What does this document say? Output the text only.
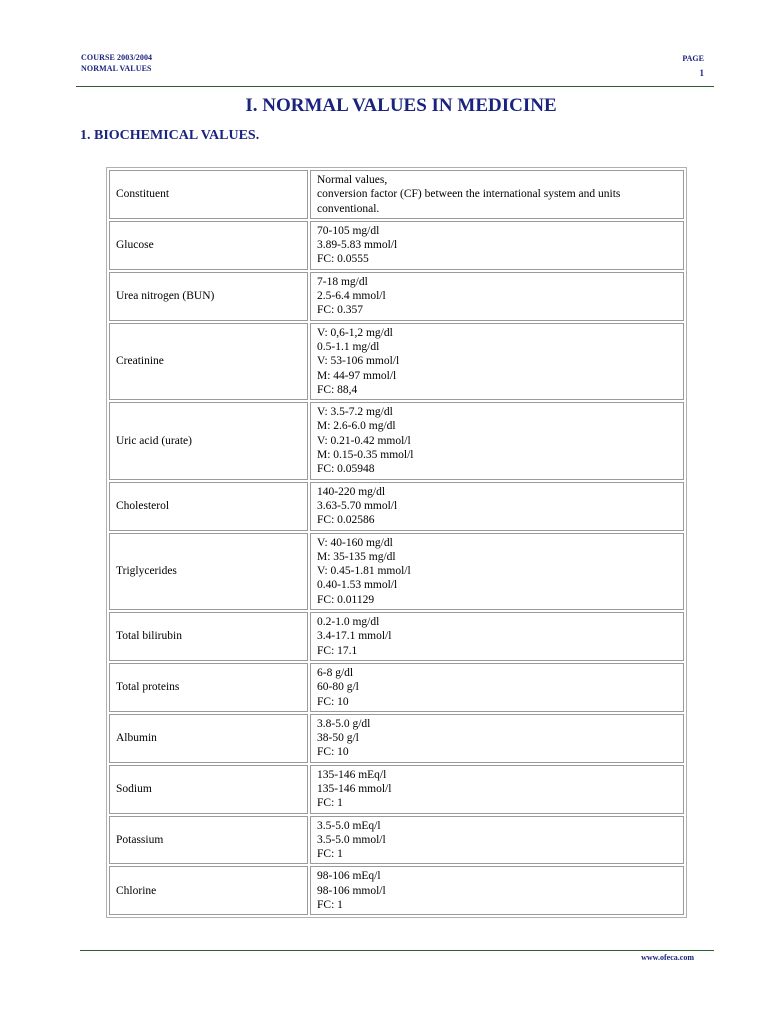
COURSE 2003/2004
NORMAL VALUES
PAGE
1
I. NORMAL VALUES IN MEDICINE
1. BIOCHEMICAL VALUES.
Constituent	Normal values,
conversion factor (CF) between the international system and units conventional.

Glucose	70-105 mg/dl
3.89-5.83 mmol/l
FC: 0.0555

Urea nitrogen (BUN)	7-18 mg/dl
2.5-6.4 mmol/l
FC: 0.357

Creatinine	V: 0,6-1,2 mg/dl
0.5-1.1 mg/dl
V: 53-106 mmol/l
M: 44-97 mmol/l
FC: 88,4

Uric acid (urate)	V: 3.5-7.2 mg/dl
M: 2.6-6.0 mg/dl
V: 0.21-0.42 mmol/l
M: 0.15-0.35 mmol/l
FC: 0.05948

Cholesterol	140-220 mg/dl
3.63-5.70 mmol/l
FC: 0.02586

Triglycerides	V: 40-160 mg/dl
M: 35-135 mg/dl
V: 0.45-1.81 mmol/l
0.40-1.53 mmol/l
FC: 0.01129

Total bilirubin	0.2-1.0 mg/dl
3.4-17.1 mmol/l
FC: 17.1

Total proteins	6-8 g/dl
60-80 g/l
FC: 10

Albumin	3.8-5.0 g/dl
38-50 g/l
FC: 10

Sodium	135-146 mEq/l
135-146 mmol/l
FC: 1

Potassium	3.5-5.0 mEq/l
3.5-5.0 mmol/l
FC: 1

Chlorine	98-106 mEq/l
98-106 mmol/l
FC: 1
www.ofeca.com
